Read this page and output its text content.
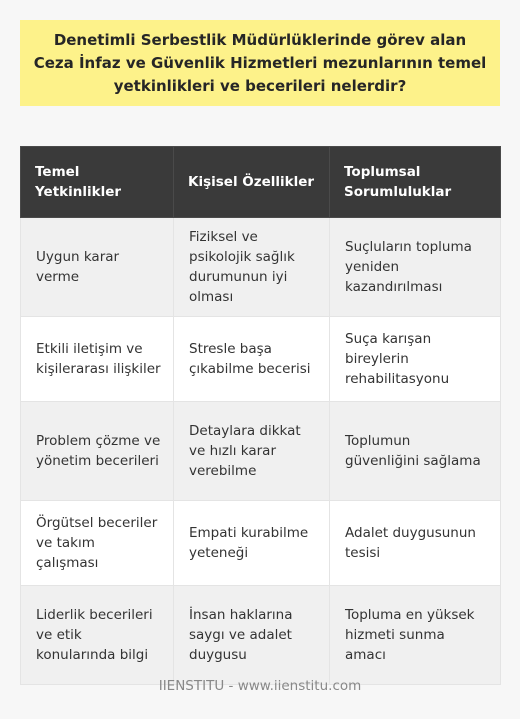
Denetimli Serbestlik Müdürlüklerinde görev alan Ceza İnfaz ve Güvenlik Hizmetleri mezunlarının temel yetkinlikleri ve becerileri nelerdir?

Temel Yetkinlikler	Kişisel Özellikler	Toplumsal Sorumluluklar
Uygun karar verme	Fiziksel ve psikolojik sağlık durumunun iyi olması	Suçluların topluma yeniden kazandırılması
Etkili iletişim ve kişilerarası ilişkiler	Stresle başa çıkabilme becerisi	Suça karışan bireylerin rehabilitasyonu
Problem çözme ve yönetim becerileri	Detaylara dikkat ve hızlı karar verebilme	Toplumun güvenliğini sağlama
Örgütsel beceriler ve takım çalışması	Empati kurabilme yeteneği	Adalet duygusunun tesisi
Liderlik becerileri ve etik konularında bilgi	İnsan haklarına saygı ve adalet duygusu	Topluma en yüksek hizmeti sunma amacı
IIENSTITU - www.iienstitu.com
